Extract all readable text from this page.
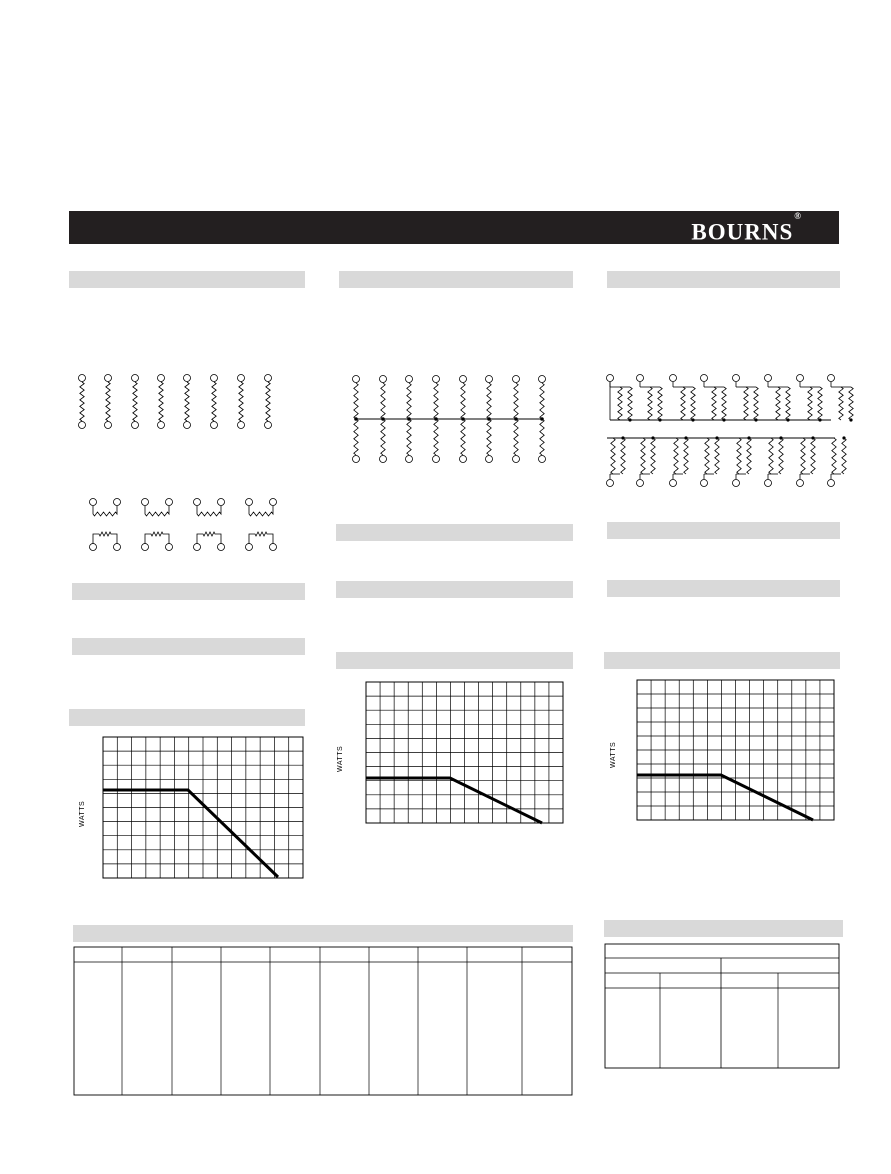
BOURNS®
WATTS
WATTS	WATTS
